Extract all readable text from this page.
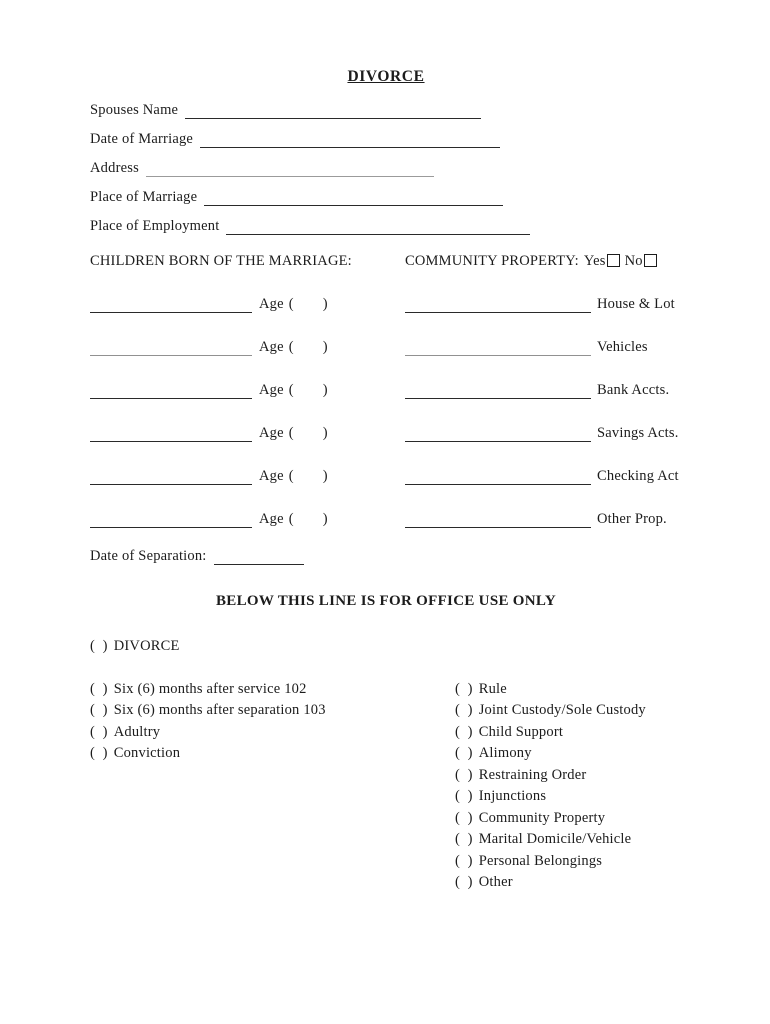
DIVORCE
Spouses Name
Date of Marriage
Address
Place of Marriage
Place of Employment
CHILDREN BORN OF THE MARRIAGE:	COMMUNITY PROPERTY: Yes No
Age ( )	House & Lot
Age ( )	Vehicles
Age ( )	Bank Accts.
Age ( )	Savings Acts.
Age ( )	Checking Act
Age ( )	Other Prop.
Date of Separation:
BELOW THIS LINE IS FOR OFFICE USE ONLY
(  ) DIVORCE
(  ) Six (6) months after service 102
(  ) Six (6) months after separation 103
(  ) Adultry
(  ) Conviction
(  ) Rule
(  ) Joint Custody/Sole Custody
(  ) Child Support
(  ) Alimony
(  ) Restraining Order
(  ) Injunctions
(  ) Community Property
(  ) Marital Domicile/Vehicle
(  ) Personal Belongings
(  ) Other
